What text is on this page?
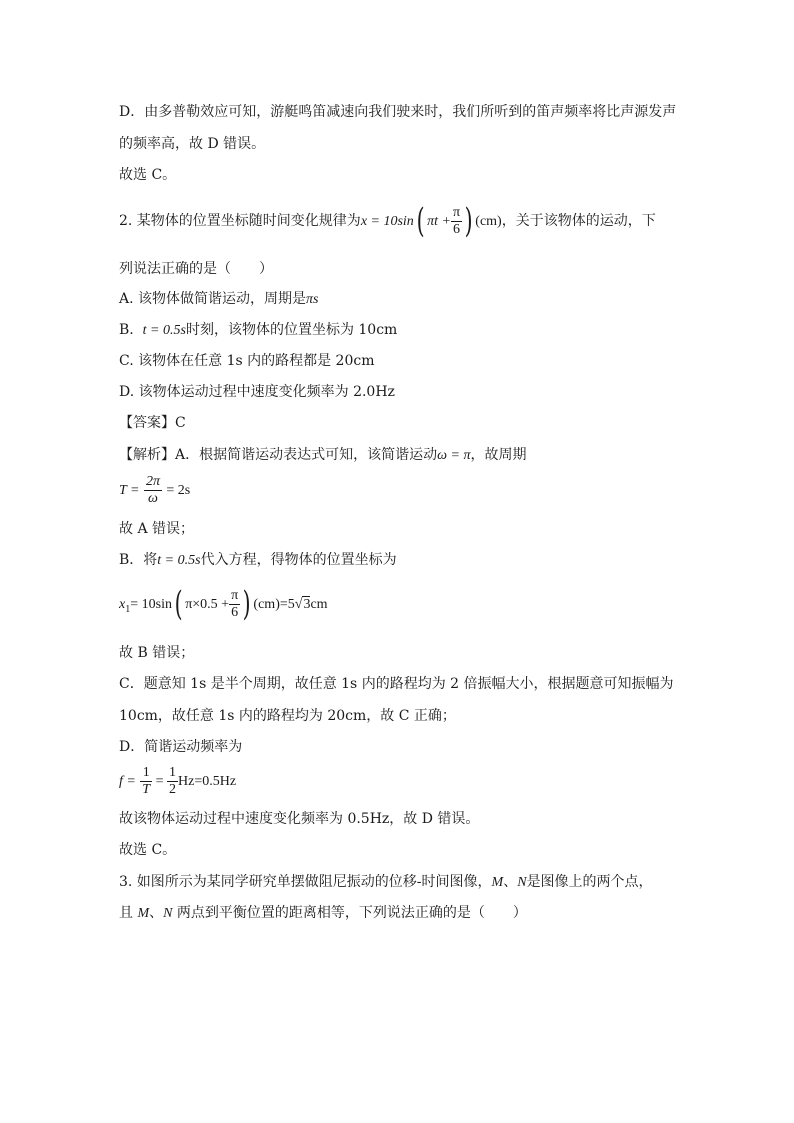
D．由多普勒效应可知，游艇鸣笛减速向我们驶来时，我们所听到的笛声频率将比声源发声
的频率高，故 D 错误。
故选 C。
2. 某物体的位置坐标随时间变化规律为x = 10sin( $\pi t + \frac{\pi}{6}$ ) (cm)，关于该物体的运动，下
列说法正确的是（　　）
A. 该物体做简谐运动，周期是πs
B. t = 0.5s时刻，该物体的位置坐标为 10cm
C. 该物体在任意 1s 内的路程都是 20cm
D. 该物体运动过程中速度变化频率为 2.0Hz
【答案】C
【解析】A．根据简谐运动表达式可知，该简谐运动ω = π，故周期
$T = \frac{2\pi}{\omega} = 2s$
故 A 错误；
B．将t = 0.5s代入方程，得物体的位置坐标为
$x_1= 10\sin$( $\pi\times 0.5 + \frac{\pi}{6}$ ) (cm)=5√3cm
故 B 错误；
C．题意知 1s 是半个周期，故任意 1s 内的路程均为 2 倍振幅大小，根据题意可知振幅为
10cm，故任意 1s 内的路程均为 20cm，故 C 正确；
D．简谐运动频率为
$f = \frac{1}{T} = \frac{1}{2} Hz=0.5Hz$
故该物体运动过程中速度变化频率为 0.5Hz，故 D 错误。
故选 C。
3. 如图所示为某同学研究单摆做阻尼振动的位移-时间图像，M、N是图像上的两个点，
且 M、N 两点到平衡位置的距离相等，下列说法正确的是（　　）
